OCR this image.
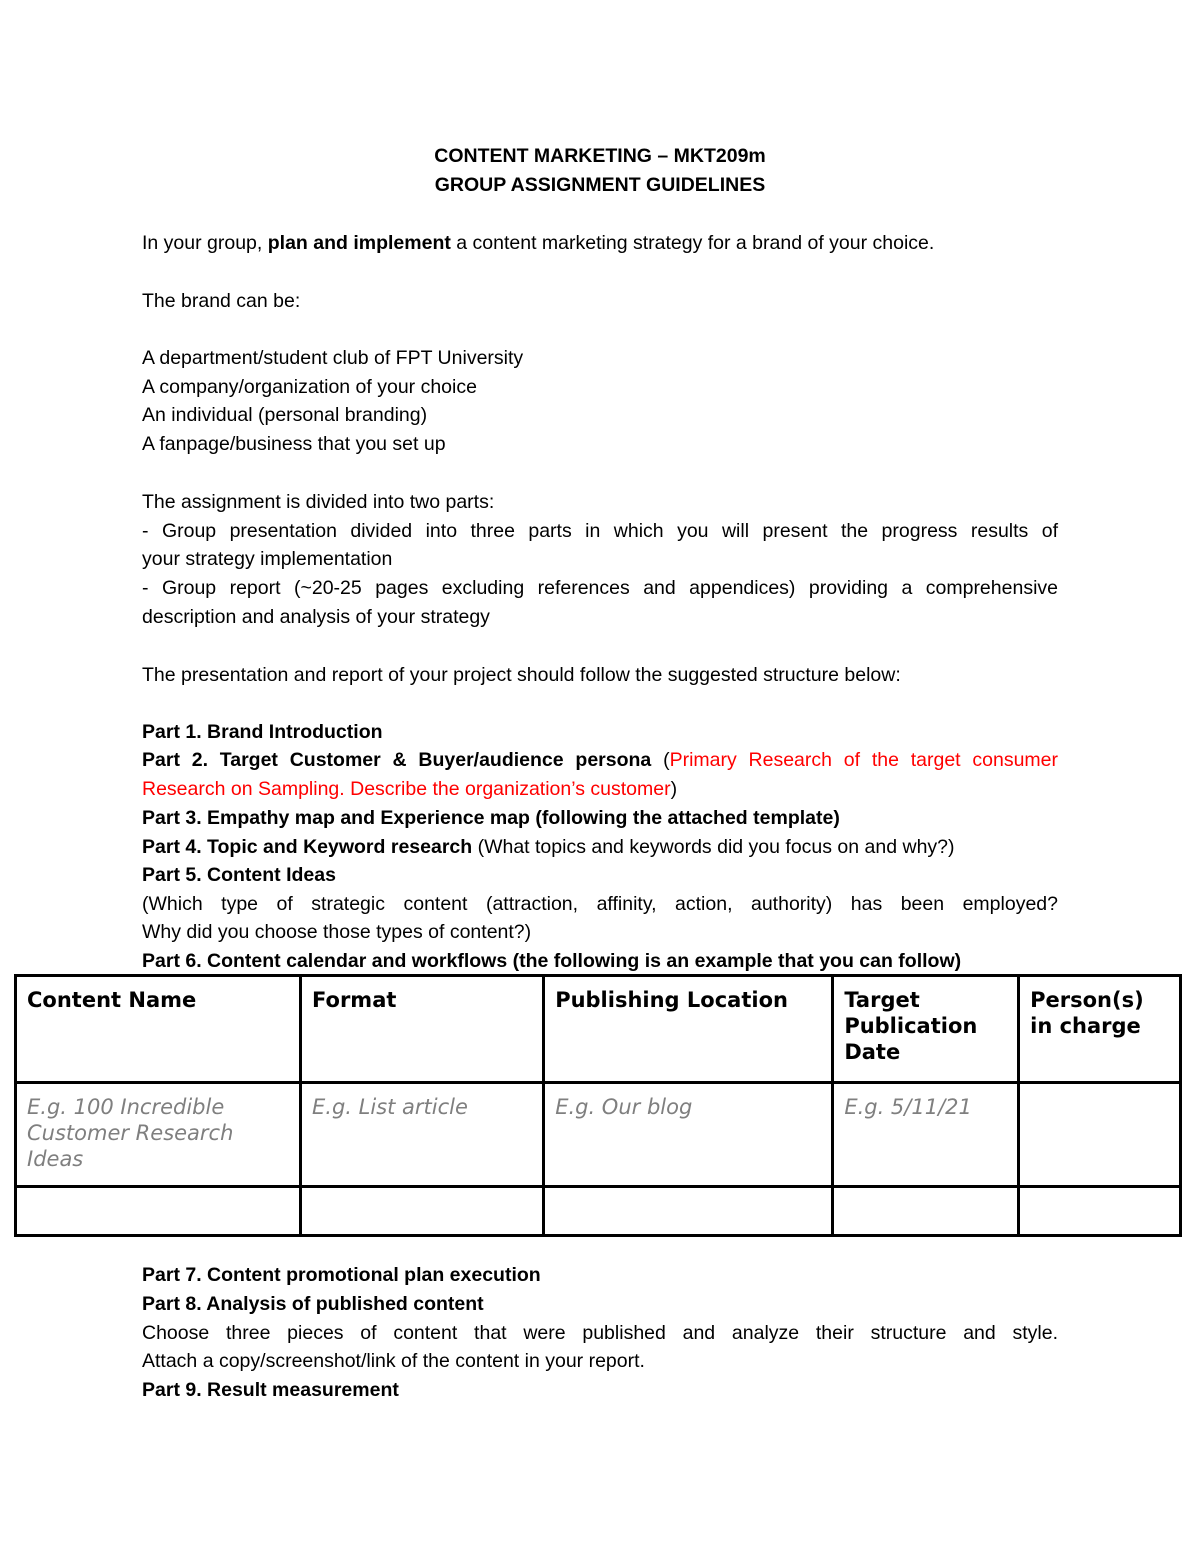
CONTENT MARKETING – MKT209m
GROUP ASSIGNMENT GUIDELINES
In your group, plan and implement a content marketing strategy for a brand of your choice.
The brand can be:
A department/student club of FPT University
A company/organization of your choice
An individual (personal branding)
A fanpage/business that you set up
The assignment is divided into two parts:
- Group presentation divided into three parts in which you will present the progress results of
your strategy implementation
- Group report (~20-25 pages excluding references and appendices) providing a comprehensive
description and analysis of your strategy
The presentation and report of your project should follow the suggested structure below:
Part 1. Brand Introduction
Part 2. Target Customer & Buyer/audience persona (Primary Research of the target consumer
Research on Sampling. Describe the organization’s customer)
Part 3. Empathy map and Experience map (following the attached template)
Part 4. Topic and Keyword research (What topics and keywords did you focus on and why?)
Part 5. Content Ideas
(Which type of strategic content (attraction, affinity, action, authority) has been employed?
Why did you choose those types of content?)
Part 6. Content calendar and workflows (the following is an example that you can follow)
Content Name	Format	Publishing Location	Target Publication Date	Person(s) in charge
E.g. 100 Incredible Customer Research Ideas	E.g. List article	E.g. Our blog	E.g. 5/11/21	

Part 7. Content promotional plan execution
Part 8. Analysis of published content
Choose three pieces of content that were published and analyze their structure and style.
Attach a copy/screenshot/link of the content in your report.
Part 9. Result measurement
